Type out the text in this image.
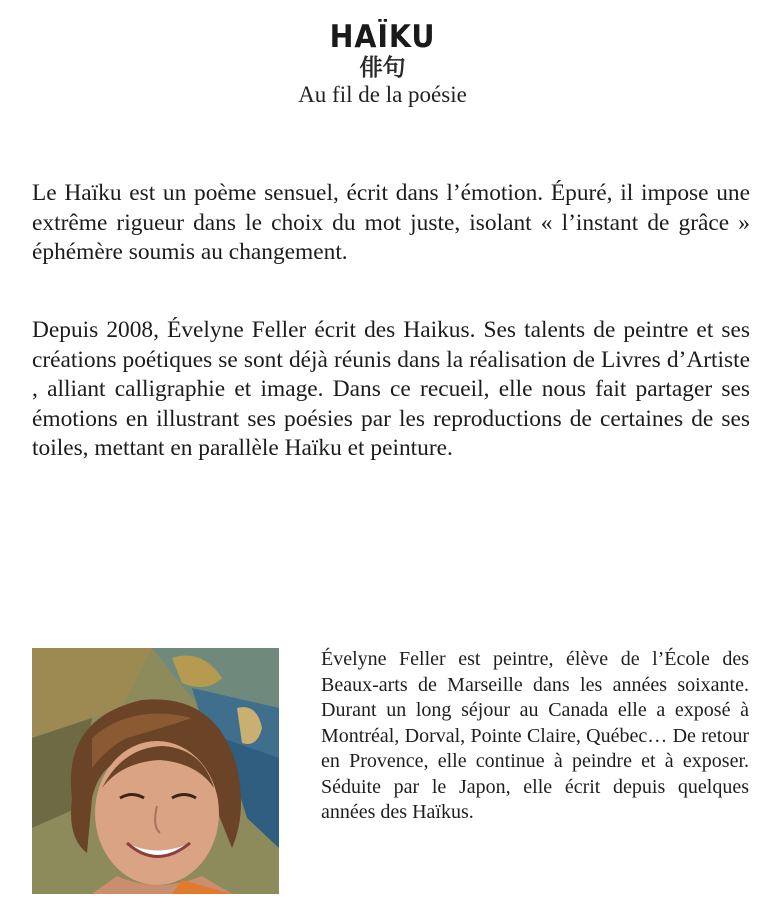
HAÏKU
俳句
Au fil de la poésie

Le Haïku est un poème sensuel, écrit dans l’émotion. Épuré, il impose une extrême rigueur dans le choix du mot juste, isolant « l’instant de grâce » éphémère soumis au changement.

Depuis 2008, Évelyne Feller écrit des Haikus. Ses talents de peintre et ses créations poétiques se sont déjà réunis dans la réalisation de Livres d’Artiste , alliant calligraphie et image. Dans ce recueil, elle nous fait partager ses émotions en illustrant ses poésies par les reproductions de certaines de ses toiles, mettant en parallèle Haïku et peinture.

Évelyne Feller est peintre, élève de l’École des Beaux-arts de Marseille dans les années soixante. Durant un long séjour au Canada elle a exposé à Montréal, Dorval, Pointe Claire, Québec… De retour en Provence, elle continue à peindre et à exposer. Séduite par le Japon, elle écrit depuis quelques années des Haïkus.
